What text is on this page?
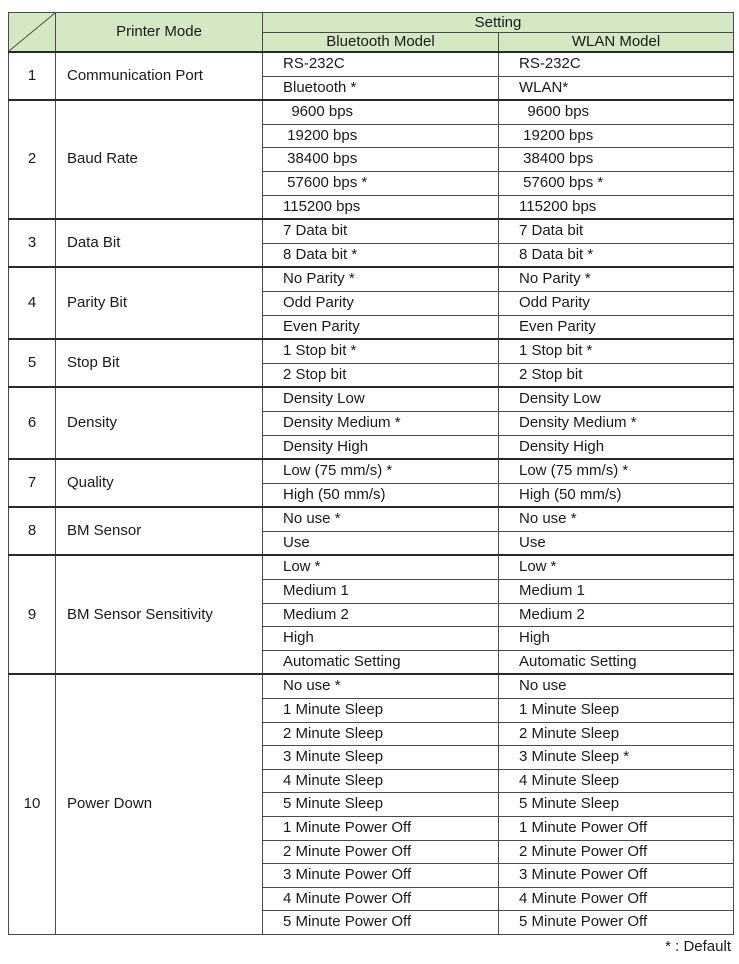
	Printer Mode	Setting	
		Bluetooth Model	WLAN Model
1	Communication Port	RS-232C	RS-232C
		Bluetooth *	WLAN*
2	Baud Rate	9600 bps	9600 bps
		19200 bps	19200 bps
		38400 bps	38400 bps
		57600 bps *	57600 bps *
		115200 bps	115200 bps
3	Data Bit	7 Data bit	7 Data bit
		8 Data bit *	8 Data bit *
4	Parity Bit	No Parity *	No Parity *
		Odd Parity	Odd Parity
		Even Parity	Even Parity
5	Stop Bit	1 Stop bit *	1 Stop bit *
		2 Stop bit	2 Stop bit
6	Density	Density Low	Density Low
		Density Medium *	Density Medium *
		Density High	Density High
7	Quality	Low (75 mm/s) *	Low (75 mm/s) *
		High (50 mm/s)	High (50 mm/s)
8	BM Sensor	No use *	No use *
		Use	Use
9	BM Sensor Sensitivity	Low *	Low *
		Medium 1	Medium 1
		Medium 2	Medium 2
		High	High
		Automatic Setting	Automatic Setting
10	Power Down	No use *	No use
		1 Minute Sleep	1 Minute Sleep
		2 Minute Sleep	2 Minute Sleep
		3 Minute Sleep	3 Minute Sleep *
		4 Minute Sleep	4 Minute Sleep
		5 Minute Sleep	5 Minute Sleep
		1 Minute Power Off	1 Minute Power Off
		2 Minute Power Off	2 Minute Power Off
		3 Minute Power Off	3 Minute Power Off
		4 Minute Power Off	4 Minute Power Off
		5 Minute Power Off	5 Minute Power Off
* : Default
